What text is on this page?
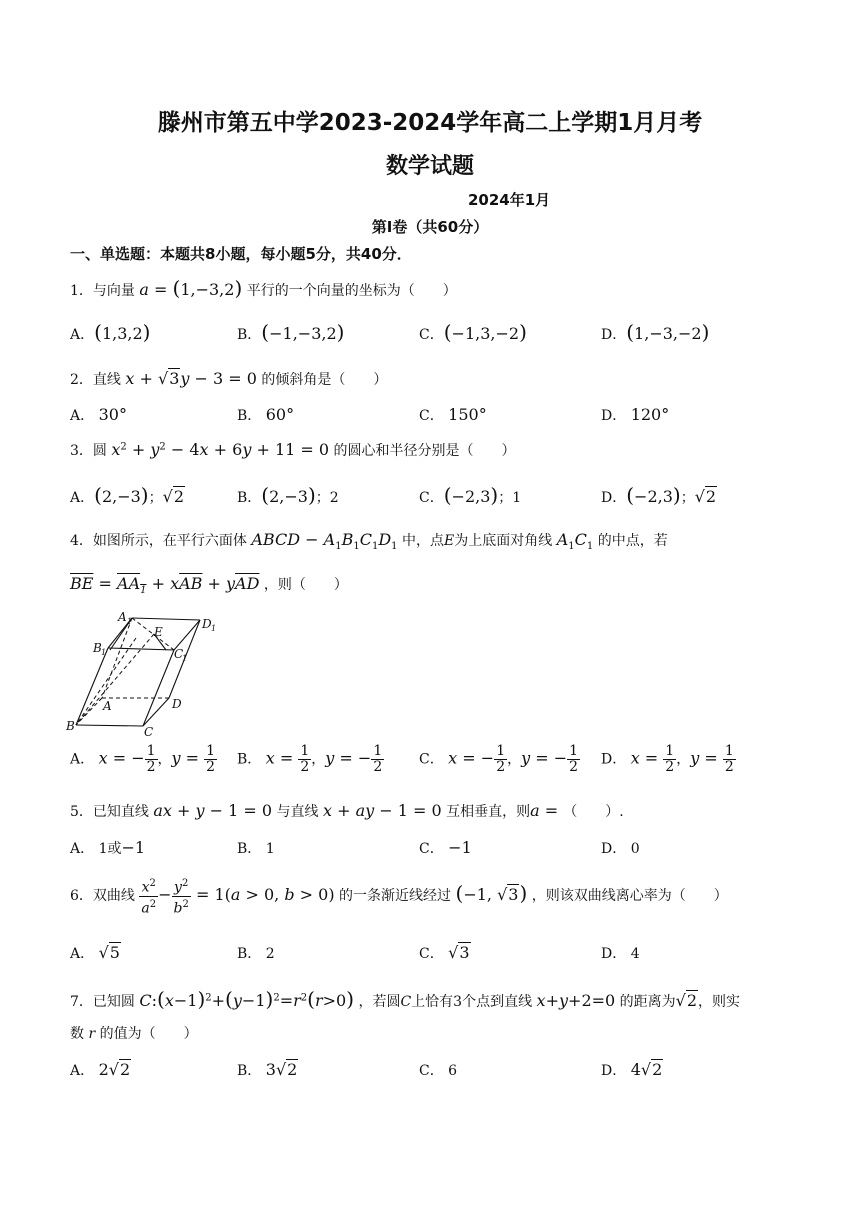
滕州市第五中学2023-2024学年高二上学期1月月考
数学试题
2024年1月
第Ⅰ卷（共60分）
一、单选题：本题共8小题，每小题5分，共40分．
1．与向量 a = (1,−3,2) 平行的一个向量的坐标为（　　）
A．(1,3,2)	B．(−1,−3,2)	C．(−1,3,−2)	D．(1,−3,−2)
2．直线 x + √3y − 3 = 0 的倾斜角是（　　）
A． 30°	B． 60°	C． 150°	D． 120°
3．圆 $x^2 + y^2 - 4x + 6y + 11 = 0$ 的圆心和半径分别是（　　）
A．(2,−3)；√2	B．(2,−3)；2	C．(−2,3)；1	D．(−2,3)；√2
4．如图所示，在平行六面体 ABCD − $A_1B_1C_1D_1$ 中，点E为上底面对角线 $A_1C_1$ 的中点，若
$\overline{BE} = AA_1 + x\overline{AB} + y\overline{AD}$ ，则（　　）
A 1	D 1
B 1	C
1
E
A	D
B	C
A． x = − $\frac{1}{2}$ ，$y = \frac{1}{2}$ B． $x = \frac{1}{2}$ ，y = − $\frac{1}{2}$ C． x = − $\frac{1}{2}$ ，y = − $\frac{1}{2}$ D． $x = \frac{1}{2}$ ，$y = \frac{1}{2}$
5．已知直线 ax + y − 1 = 0 与直线 x + ay − 1 = 0 互相垂直，则a = （　　）.
A． 1或−1	B． 1	C． −1	D． 0
6．双曲线 $\frac{x^2}{a^2} - \frac{y^2}{b^2} = 1(a > 0$, b > 0) 的一条渐近线经过 (−1, √3) ，则该双曲线离心率为（　　）
A． √5	B． 2	C． √3	D． 4
7．已知圆 $C:(x-1)^2+(y-1)^2=r^2(r>0)$ ，若圆C上恰有3个点到直线 x+y+2=0 的距离为√2，则实
数 r 的值为（　　）
A． 2√2	B． 3√2	C． 6	D． 4√2
